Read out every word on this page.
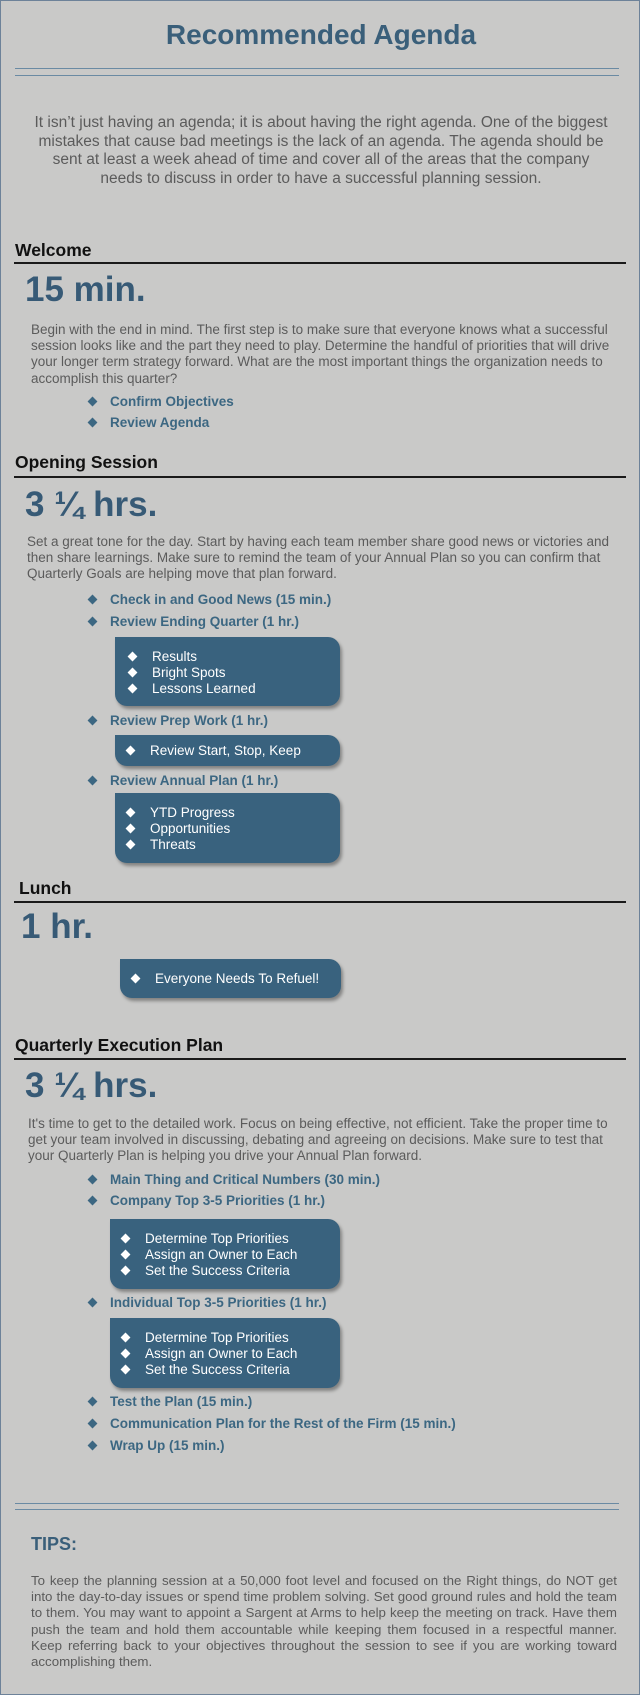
Recommended Agenda
It isn’t just having an agenda; it is about having the right agenda. One of the biggest mistakes that cause bad meetings is the lack of an agenda. The agenda should be sent at least a week ahead of time and cover all of the areas that the company needs to discuss in order to have a successful planning session.
Welcome
15 min.
Begin with the end in mind. The first step is to make sure that everyone knows what a successful session looks like and the part they need to play. Determine the handful of priorities that will drive your longer term strategy forward. What are the most important things the organization needs to accomplish this quarter?
Confirm Objectives
Review Agenda
Opening Session
3 ¼ hrs.
Set a great tone for the day. Start by having each team member share good news or victories and then share learnings. Make sure to remind the team of your Annual Plan so you can confirm that Quarterly Goals are helping move that plan forward.
Check in and Good News (15 min.)
Review Ending Quarter (1 hr.)
Results
Bright Spots
Lessons Learned
Review Prep Work (1 hr.)
Review Start, Stop, Keep
Review Annual Plan (1 hr.)
YTD Progress
Opportunities
Threats
Lunch
1 hr.
Everyone Needs To Refuel!
Quarterly Execution Plan
3 ¼ hrs.
It's time to get to the detailed work. Focus on being effective, not efficient. Take the proper time to get your team involved in discussing, debating and agreeing on decisions. Make sure to test that your Quarterly Plan is helping you drive your Annual Plan forward.
Main Thing and Critical Numbers (30 min.)
Company Top 3-5 Priorities (1 hr.)
Determine Top Priorities
Assign an Owner to Each
Set the Success Criteria
Individual Top 3-5 Priorities (1 hr.)
Determine Top Priorities
Assign an Owner to Each
Set the Success Criteria
Test the Plan (15 min.)
Communication Plan for the Rest of the Firm (15 min.)
Wrap Up (15 min.)
TIPS:
To keep the planning session at a 50,000 foot level and focused on the Right things, do NOT get into the day-to-day issues or spend time problem solving. Set good ground rules and hold the team to them. You may want to appoint a Sargent at Arms to help keep the meeting on track. Have them push the team and hold them accountable while keeping them focused in a respectful manner. Keep referring back to your objectives throughout the session to see if you are working toward accomplishing them.
